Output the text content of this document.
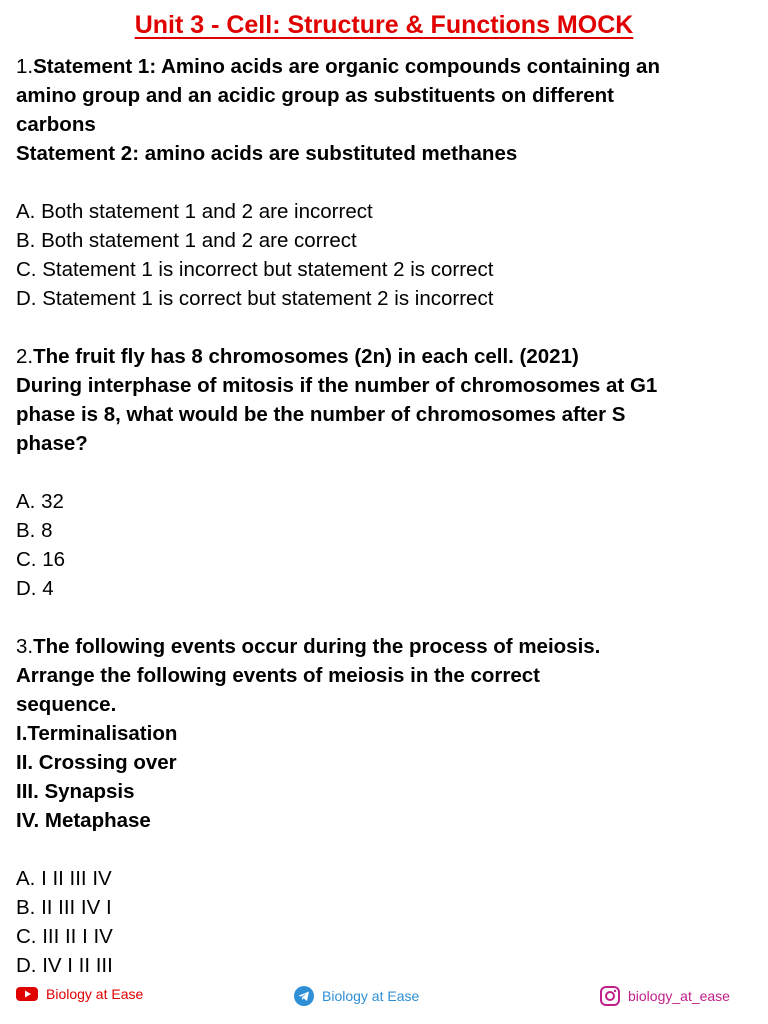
Unit 3 - Cell: Structure & Functions MOCK
1.Statement 1: Amino acids are organic compounds containing an
amino group and an acidic group as substituents on different
carbons
Statement 2: amino acids are substituted methanes
A. Both statement 1 and 2 are incorrect
B. Both statement 1 and 2 are correct
C. Statement 1 is incorrect but statement 2 is correct
D. Statement 1 is correct but statement 2 is incorrect
2.The fruit fly has 8 chromosomes (2n) in each cell. (2021)
During interphase of mitosis if the number of chromosomes at G1
phase is 8, what would be the number of chromosomes after S
phase?
A. 32
B. 8
C. 16
D. 4
3.The following events occur during the process of meiosis.
Arrange the following events of meiosis in the correct
sequence.
I.Terminalisation
II. Crossing over
III. Synapsis
IV. Metaphase
A. I II III IV
B. II III IV I
C. III II I IV
D. IV I II III
Biology at Ease	Biology at Ease	biology_at_ease
